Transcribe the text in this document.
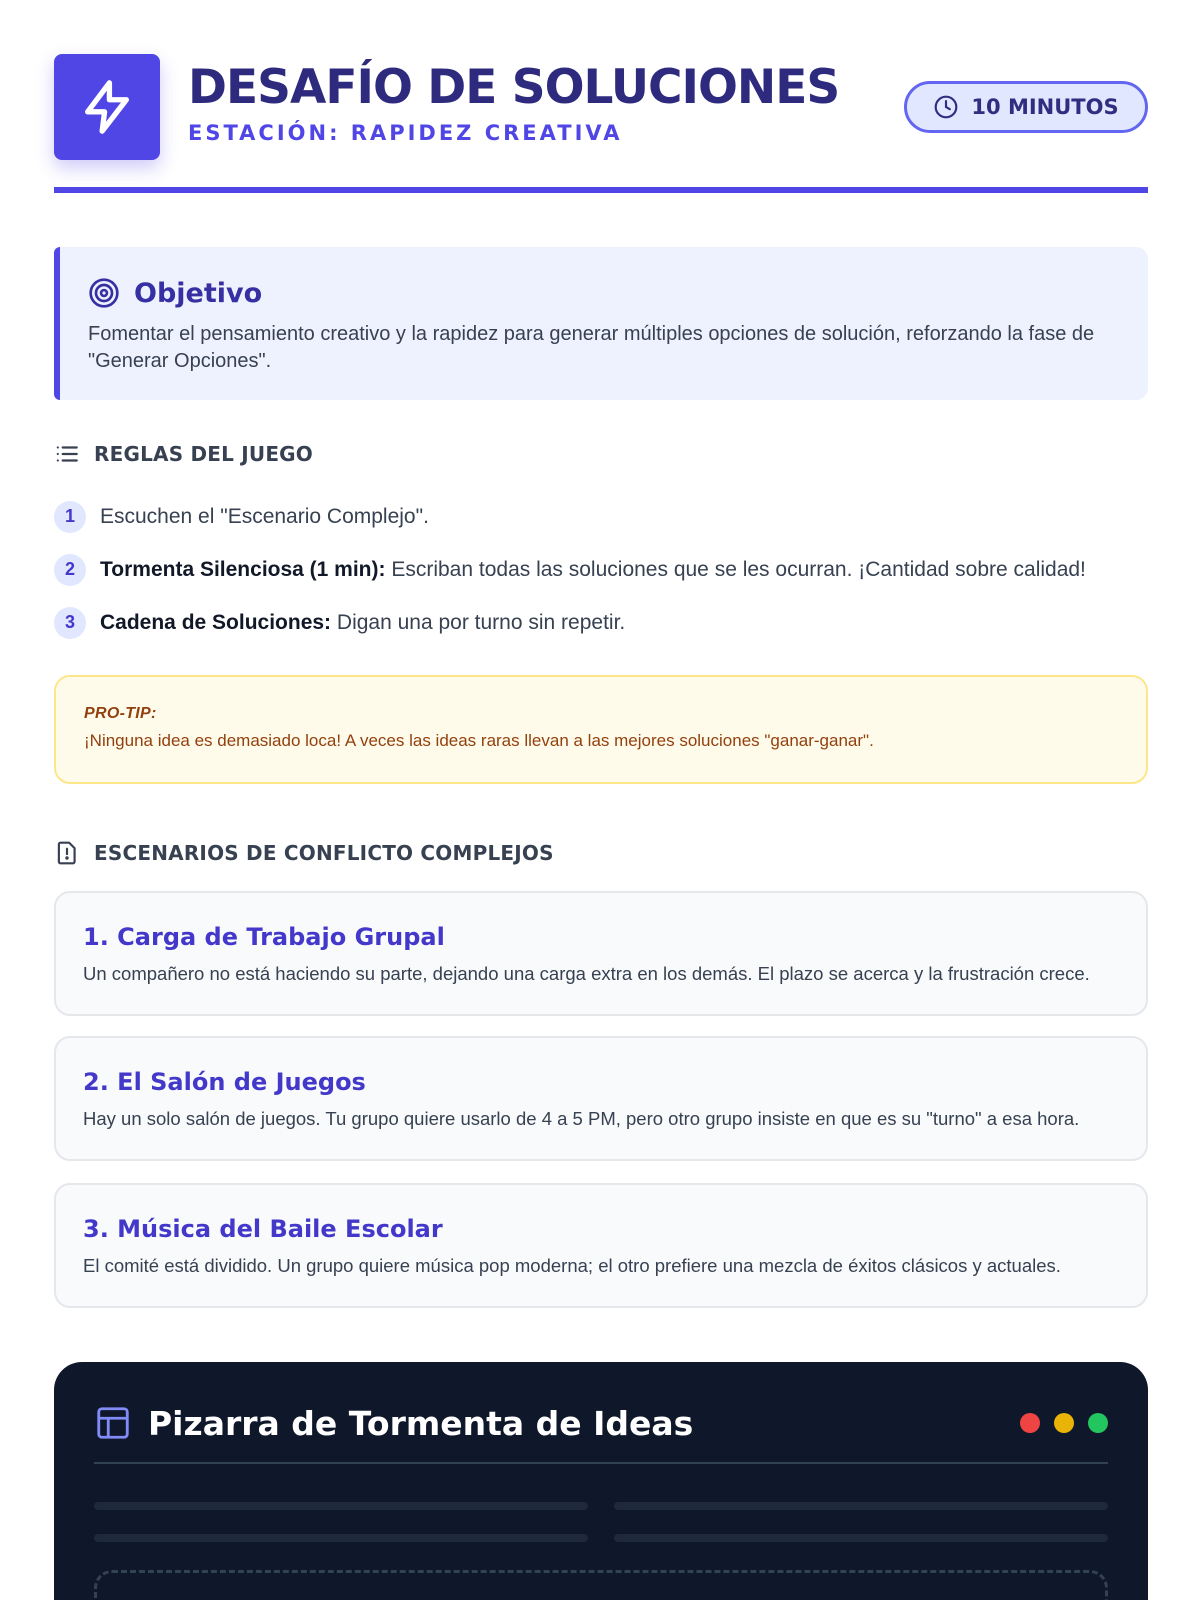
DESAFÍO DE SOLUCIONES
ESTACIÓN: RAPIDEZ CREATIVA
10 MINUTOS
Objetivo

Fomentar el pensamiento creativo y la rapidez para generar múltiples opciones de solución, reforzando la fase de "Generar Opciones".

REGLAS DEL JUEGO
1	Escuchen el "Escenario Complejo".
2	Tormenta Silenciosa (1 min): Escriban todas las soluciones que se les ocurran. ¡Cantidad sobre calidad!
3	Cadena de Soluciones: Digan una por turno sin repetir.
PRO-TIP:
¡Ninguna idea es demasiado loca! A veces las ideas raras llevan a las mejores soluciones "ganar-ganar".
ESCENARIOS DE CONFLICTO COMPLEJOS
1. Carga de Trabajo Grupal
Un compañero no está haciendo su parte, dejando una carga extra en los demás. El plazo se acerca y la frustración crece.
2. El Salón de Juegos
Hay un solo salón de juegos. Tu grupo quiere usarlo de 4 a 5 PM, pero otro grupo insiste en que es su "turno" a esa hora.
3. Música del Baile Escolar
El comité está dividido. Un grupo quiere música pop moderna; el otro prefiere una mezcla de éxitos clásicos y actuales.
Pizarra de Tormenta de Ideas
